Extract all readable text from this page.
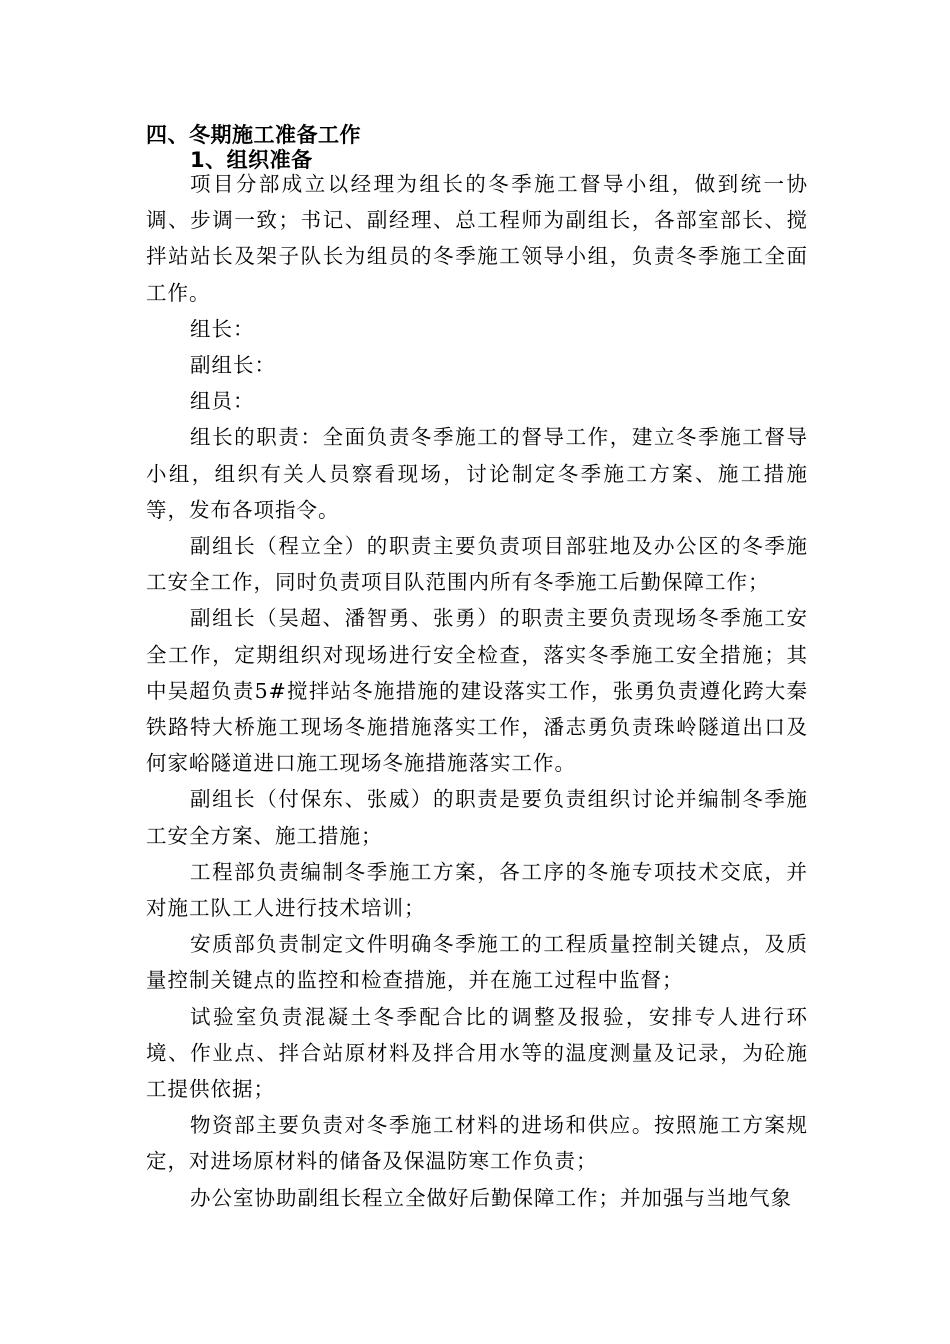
四、冬期施工准备工作
1、组织准备

项目分部成立以经理为组长的冬季施工督导小组，做到统一协调、步调一致；书记、副经理、总工程师为副组长，各部室部长、搅拌站站长及架子队长为组员的冬季施工领导小组，负责冬季施工全面工作。

组长：

副组长：

组员：

组长的职责：全面负责冬季施工的督导工作，建立冬季施工督导小组，组织有关人员察看现场，讨论制定冬季施工方案、施工措施等，发布各项指令。

副组长（程立全）的职责主要负责项目部驻地及办公区的冬季施工安全工作，同时负责项目队范围内所有冬季施工后勤保障工作；

副组长（吴超、潘智勇、张勇）的职责主要负责现场冬季施工安全工作，定期组织对现场进行安全检查，落实冬季施工安全措施；其中吴超负责5#搅拌站冬施措施的建设落实工作，张勇负责遵化跨大秦铁路特大桥施工现场冬施措施落实工作，潘志勇负责珠岭隧道出口及何家峪隧道进口施工现场冬施措施落实工作。

副组长（付保东、张威）的职责是要负责组织讨论并编制冬季施工安全方案、施工措施；

工程部负责编制冬季施工方案，各工序的冬施专项技术交底，并对施工队工人进行技术培训；

安质部负责制定文件明确冬季施工的工程质量控制关键点，及质量控制关键点的监控和检查措施，并在施工过程中监督；

试验室负责混凝土冬季配合比的调整及报验，安排专人进行环境、作业点、拌合站原材料及拌合用水等的温度测量及记录，为砼施工提供依据；

物资部主要负责对冬季施工材料的进场和供应。按照施工方案规定，对进场原材料的储备及保温防寒工作负责；

办公室协助副组长程立全做好后勤保障工作；并加强与当地气象
